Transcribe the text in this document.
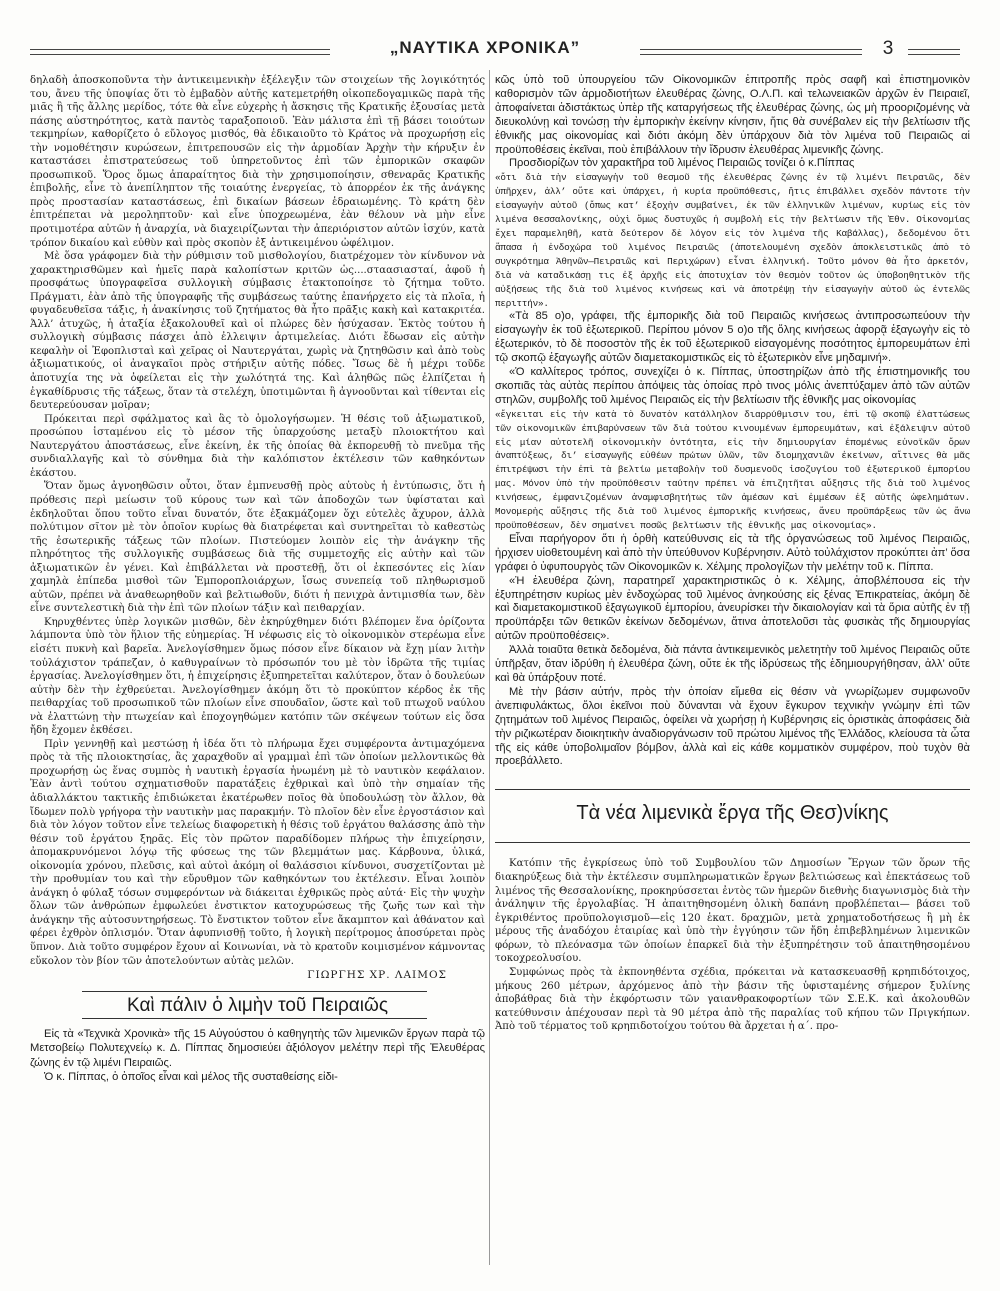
„ΝΑΥΤΙΚΑ ΧΡΟΝΙΚΑ”	3

δηλαδὴ ἀποσκοποῦντα τὴν ἀντικειμενικὴν ἐξέλεγξιν τῶν στοιχείων τῆς λογικότητός του, ἄνευ τῆς ὑποψίας ὅτι τὸ ἐμβαδὸν αὐτῆς κατεμετρήθη οἰκοπεδογαμικῶς παρὰ τῆς μιᾶς ἢ τῆς ἄλλης μερίδος, τότε θὰ εἶνε εὐχερὴς ἡ ἄσκησις τῆς Κρατικῆς ἐξουσίας μετὰ πάσης αὐστηρότητος, κατὰ παντὸς ταραξοποιοῦ. Ἐὰν μάλιστα ἐπὶ τῇ βάσει τοιούτων τεκμηρίων, καθορίζετο ὁ εὔλογος μισθός, θὰ ἐδικαιοῦτο τὸ Κράτος νὰ προχωρήσῃ εἰς τὴν νομοθέτησιν κυρώσεων, ἐπιτρεπουσῶν εἰς τὴν ἁρμοδίαν Ἀρχὴν τὴν κήρυξιν ἐν καταστάσει ἐπιστρατεύσεως τοῦ ὑπηρετοῦντος ἐπὶ τῶν ἐμπορικῶν σκαφῶν προσωπικοῦ. Ὅρος ὅμως ἀπαραίτητος διὰ τὴν χρησιμοποίησιν, σθεναρᾶς Κρατικῆς ἐπιβολῆς, εἶνε τὸ ἀνεπίληπτον τῆς τοιαύτης ἐνεργείας, τὸ ἀπορρέον ἐκ τῆς ἀνάγκης πρὸς προστασίαν καταστάσεως, ἐπὶ δικαίων βάσεων ἑδραιωμένης. Τὸ κράτη δὲν ἐπιτρέπεται νὰ μεροληπτοῦν· καὶ εἶνε ὑποχρεωμένα, ἐὰν θέλουν νὰ μὴν εἶνε προτιμοτέρα αὐτῶν ἡ ἀναρχία, νὰ διαχειρίζωνται τὴν ἀπεριόριστον αὐτῶν ἰσχύν, κατὰ τρόπον δικαίου καὶ εὐθὺν καὶ πρὸς σκοπὸν ἐξ ἀντικειμένου ὠφέλιμον.

Μὲ ὅσα γράφομεν διὰ τὴν ρύθμισιν τοῦ μισθολογίου, διατρέχομεν τὸν κίνδυνον νὰ χαρακτηρισθῶμεν καὶ ἡμεῖς παρὰ καλοπίστων κριτῶν ὡς....σταασιασταί, ἀφοῦ ἡ προσφάτως ὑπογραφεῖσα συλλογικὴ σύμβασις ἐτακτοποίησε τὸ ζήτημα τοῦτο. Πράγματι, ἐὰν ἀπὸ τῆς ὑπογραφῆς τῆς συμβάσεως ταύτης ἐπανήρχετο εἰς τὰ πλοῖα, ἡ φυγαδευθεῖσα τάξις, ἡ ἀνακίνησις τοῦ ζητήματος θὰ ἦτο πρᾶξις κακὴ καὶ κατακριτέα. Ἀλλ’ ἀτυχῶς, ἡ ἀταξία ἐξακολουθεῖ καὶ οἱ πλώρες δὲν ἡσύχασαν. Ἐκτὸς τούτου ἡ συλλογικὴ σύμβασις πάσχει ἀπὸ ἐλλειψιν ἀρτιμελείας. Διότι ἔδωσαν εἰς αὐτὴν κεφαλὴν οἱ Ἐφοπλισταὶ καὶ χεῖρας οἱ Ναυτεργάται, χωρὶς νὰ ζητηθῶσιν καὶ ἀπὸ τοὺς ἀξιωματικούς, οἱ ἀναγκαῖοι πρὸς στήριξιν αὐτῆς πόδες. Ἴσως δὲ ἡ μέχρι τοῦδε ἀποτυχία της νὰ ὀφείλεται εἰς τὴν χωλότητά της. Καὶ ἀληθῶς πῶς ἐλπίζεται ἡ ἐγκαθίδρυσις τῆς τάξεως, ὅταν τὰ στελέχη, ὑποτιμῶνται ἢ ἀγνοοῦνται καὶ τίθενται εἰς δευτερεύουσαν μοῖραν;

Πρόκειται περὶ σφάλματος καὶ ἃς τὸ ὁμολογήσωμεν. Ἡ θέσις τοῦ ἀξιωματικοῦ, προσώπου ἱσταμένου εἰς τὸ μέσον τῆς ὑπαρχούσης μεταξὺ πλοιοκτήτου καὶ Ναυτεργάτου ἀποστάσεως, εἶνε ἐκείνη, ἐκ τῆς ὁποίας θὰ ἐκπορευθῇ τὸ πνεῦμα τῆς συνδιαλλαγῆς καὶ τὸ σύνθημα διὰ τὴν καλόπιστον ἐκτέλεσιν τῶν καθηκόντων ἑκάστου.

Ὅταν ὅμως ἀγνοηθῶσιν οὗτοι, ὅταν ἐμπνευσθῇ πρὸς αὐτοὺς ἡ ἐντύπωσις, ὅτι ἡ πρόθεσις περὶ μείωσιν τοῦ κύρους των καὶ τῶν ἀποδοχῶν των ὑφίσταται καὶ ἐκδηλοῦται ὅπου τοῦτο εἶναι δυνατόν, ὅτε ἐξακμάζομεν ὅχι εὐτελὲς ἄχυρον, ἀλλὰ πολύτιμον σῖτον μὲ τὸν ὁποῖον κυρίως θὰ διατρέφεται καὶ συντηρεῖται τὸ καθεστὼς τῆς ἐσωτερικῆς τάξεως τῶν πλοίων. Πιστεύομεν λοιπὸν εἰς τὴν ἀνάγκην τῆς πληρότητος τῆς συλλογικῆς συμβάσεως διὰ τῆς συμμετοχῆς εἰς αὐτὴν καὶ τῶν ἀξιωματικῶν ἐν γένει. Καὶ ἐπιβάλλεται νὰ προστεθῇ, ὅτι οἱ ἐκπεσόντες εἰς λίαν χαμηλὰ ἐπίπεδα μισθοὶ τῶν Ἐμπορoπλοιάρχων, ἴσως συνεπείᾳ τοῦ πληθωρισμοῦ αὐτῶν, πρέπει νὰ ἀναθεωρηθοῦν καὶ βελτιωθοῦν, διότι ἡ πενιχρὰ ἀντιμισθία των, δὲν εἶνε συντελεστικὴ διὰ τὴν ἐπὶ τῶν πλοίων τάξιν καὶ πειθαρχίαν.

Κηρυχθέντες ὑπὲρ λογικῶν μισθῶν, δὲν ἐκηρύχθημεν διότι βλέπομεν ἕνα ὁρίζοντα λάμποντα ὑπὸ τὸν ἥλιον τῆς εὐημερίας. Ἡ νέφωσις εἰς τὸ οἰκονομικὸν στερέωμα εἶνε εἰσέτι πυκνὴ καὶ βαρεῖα. Ἀνελογίσθημεν ὅμως πόσον εἶνε δίκαιον νὰ ἔχῃ μίαν λιτὴν τοὐλάχιστον τράπεζαν, ὁ καθυγραίνων τὸ πρόσωπόν του μὲ τὸν ἱδρῶτα τῆς τιμίας ἐργασίας. Ἀνελογίσθημεν ὅτι, ἡ ἐπιχείρησις ἐξυπηρετεῖται καλύτερον, ὅταν ὁ δουλεύων αὐτὴν δὲν τὴν ἐχθρεύεται. Ἀνελογίσθημεν ἀκόμη ὅτι τὸ προκύπτον κέρδος ἐκ τῆς πειθαρχίας τοῦ προσωπικοῦ τῶν πλοίων εἶνε σπουδαῖον, ὥστε καὶ τοῦ πτωχοῦ ναύλου νὰ ἐλαττώνῃ τὴν πτωχείαν καὶ ἐποχογηθώμεν κατόπιν τῶν σκέψεων τούτων εἰς ὅσα ἤδη ἔχομεν ἐκθέσει.

Πρὶν γεννηθῇ καὶ μεστώσῃ ἡ ἰδέα ὅτι τὸ πλήρωμα ἔχει συμφέροντα ἀντιμαχόμενα πρὸς τὰ τῆς πλοιοκτησίας, ἂς χαραχθοῦν αἱ γραμμαὶ ἐπὶ τῶν ὁποίων μελλοντικῶς θὰ προχωρήσῃ ὡς ἕνας συμπὸς ἡ ναυτικὴ ἐργασία ἡνωμένη μὲ τὸ ναυτικὸν κεφάλαιον. Ἐὰν ἀντὶ τούτου σχηματισθοῦν παρατάξεις ἐχθρικαὶ καὶ ὑπὸ τὴν σημαίαν τῆς ἀδιαλλάκτου τακτικῆς ἐπιδιώκεται ἑκατέρωθεν ποῖος θὰ ὑποδουλώσῃ τὸν ἄλλον, θὰ ἴδωμεν πολὺ γρήγορα τὴν ναυτικὴν μας παρακμήν. Τὸ πλοῖον δὲν εἶνε ἐργοστάσιον καὶ διὰ τὸν λόγον τοῦτον εἶνε τελείως διαφορετικὴ ἡ θέσις τοῦ ἐργάτου θαλάσσης ἀπὸ τὴν θέσιν τοῦ ἐργάτου ξηρᾶς. Εἰς τὸν πρῶτον παραδίδομεν πλήρως τὴν ἐπιχείρησιν, ἀπομακρυνόμενοι λόγῳ τῆς φύσεως της τῶν βλεμμάτων μας. Κάρβουνα, ὑλικά, οἰκονομία χρόνου, πλεῦσις, καὶ αὐτοὶ ἀκόμη οἱ θαλάσσιοι κίνδυνοι, συσχετίζονται μὲ τὴν προθυμίαν του καὶ τὴν εὔρυθμον τῶν καθηκόντων του ἐκτέλεσιν. Εἶναι λοιπὸν ἀνάγκη ὁ φύλαξ τόσων συμφερόντων νὰ διάκειται ἐχθρικῶς πρὸς αὐτά· Εἰς τὴν ψυχὴν ὅλων τῶν ἀνθρώπων ἐμφωλεύει ἐνστικτον κατοχυρώσεως τῆς ζωῆς των καὶ τὴν ἀνάγκην τῆς αὐτοσυντηρήσεως. Τὸ ἔνστικτον τοῦτον εἶνε ἄκαμπτον καὶ ἀθάνατον καὶ φέρει ἐχθρὸν ὁπλισμόν. Ὅταν ἀφυπνισθῇ τοῦτο, ἡ λογικὴ περίτρομος ἀποσύρεται πρὸς ὕπνον. Διὰ τοῦτο συμφέρον ἔχουν αἱ Κοινωνίαι, νὰ τὸ κρατοῦν κοιμισμένον κάμνοντας εὔκολον τὸν βίον τῶν ἀποτελούντων αὐτὰς μελῶν.

ΓΙΩΡΓΗΣ ΧΡ. ΛΑΙΜΟΣ

Καὶ πάλιν ὁ λιμὴν τοῦ Πειραιῶς

Εἰς τὰ «Τεχνικὰ Χρονικὰ» τῆς 15 Αὐγούστου ὁ καθηγητὴς τῶν λιμενικῶν ἔργων παρὰ τῷ Μετσοβείῳ Πολυτεχνείῳ κ. Δ. Πίππας δημοσιεύει ἀξιόλογον μελέτην περὶ τῆς Ἐλευθέρας ζώνης ἐν τῷ λιμένι Πειραιῶς.

Ὁ κ. Πίππας, ὁ ὁποῖος εἶναι καὶ μέλος τῆς συσταθείσης εἰδι-

κῶς ὑπὸ τοῦ ὑπουργείου τῶν Οἰκονομικῶν ἐπιτροπῆς πρὸς σαφῆ καὶ ἐπιστημονικὸν καθορισμὸν τῶν ἁρμοδιοτήτων ἐλευθέρας ζώνης, Ο.Λ.Π. καὶ τελωνειακῶν ἀρχῶν ἐν Πειραιεῖ, ἀποφαίνεται ἀδιστάκτως ὑπὲρ τῆς καταργήσεως τῆς ἐλευθέρας ζώνης, ὡς μὴ προοριζομένης νὰ διευκολύνῃ καὶ τονώσῃ τὴν ἐμπορικὴν ἐκείνην κίνησιν, ἥτις θὰ συνέβαλεν εἰς τὴν βελτίωσιν τῆς ἐθνικῆς μας οἰκονομίας καὶ διότι ἀκόμη δὲν ὑπάρχουν διὰ τὸν λιμένα τοῦ Πειραιῶς αἱ προϋποθέσεις ἐκεῖναι, ποὺ ἐπιβάλλουν τὴν ἵδρυσιν ἐλευθέρας λιμενικῆς ζώνης.

Προσδιορίζων τὸν χαρακτῆρα τοῦ λιμένος Πειραιῶς τονίζει ὁ κ.Πίππας

«ὅτι διὰ τὴν εἰσαγωγὴν τοῦ θεσμοῦ τῆς ἐλευθέρας ζώνης ἐν τῷ λιμένι Πειραιῶς, δὲν ὑπῆρχεν, ἀλλ’ οὔτε καὶ ὑπάρχει, ἡ κυρία προϋπόθεσις, ἥτις ἐπιβάλλει σχεδὸν πάντοτε τὴν εἰσαγωγὴν αὐτοῦ (ὅπως κατ’ ἐξοχὴν συμβαίνει, ἐκ τῶν ἑλληνικῶν λιμένων, κυρίως εἰς τὸν λιμένα Θεσσαλονίκης, οὐχὶ ὅμως δυστυχῶς ἡ συμβολὴ εἰς τὴν βελτίωσιν τῆς Ἐθν. Οἰκονομίας ἔχει παραμεληθῆ, κατὰ δεύτερον δὲ λόγον εἰς τὸν λιμένα τῆς Καβάλλας), δεδομένου ὅτι ἅπασα ἡ ἐνδοχώρα τοῦ λιμένος Πειραιῶς (ἀποτελουμένη σχεδὸν ἀποκλειστικῶς ἀπὸ τὸ συγκρότημα Ἀθηνῶν—Πειραιῶς καὶ Περιχώρων) εἶναι ἑλληνική. Τοῦτο μόνον θὰ ἦτο ἀρκετόν, διὰ νὰ καταδικάσῃ τις ἐξ ἀρχῆς εἰς ἀποτυχίαν τὸν θεσμὸν τοῦτον ὡς ὑποβοηθητικὸν τῆς αὐξήσεως τῆς διὰ τοῦ λιμένος κινήσεως καὶ νὰ ἀποτρέψῃ τὴν εἰσαγωγὴν αὐτοῦ ὡς ἐντελῶς περιττήν».

«Τὰ 85 ο)ο, γράφει, τῆς ἐμπορικῆς διὰ τοῦ Πειραιῶς κινήσεως ἀντιπροσωπεύουν τὴν εἰσαγωγὴν ἐκ τοῦ ἐξωτερικοῦ. Περίπου μόνον 5 ο)ο τῆς ὅλης κινήσεως ἀφορᾷ ἐξαγωγὴν εἰς τὸ ἐξωτερικόν, τὸ δὲ ποσοστὸν τῆς ἐκ τοῦ ἐξωτερικοῦ εἰσαγομένης ποσότητος ἐμπορευμάτων ἐπὶ τῷ σκοπῷ ἐξαγωγῆς αὐτῶν διαμετακομιστικῶς εἰς τὸ ἐξωτερικὸν εἶνε μηδαμινή».

«Ὁ καλλίτερος τρόπος, συνεχίζει ὁ κ. Πίππας, ὑποστηρίζων ἀπὸ τῆς ἐπιστημονικῆς του σκοπιᾶς τὰς αὐτὰς περίπου ἀπόψεις τὰς ὁποίας πρὸ τινος μόλις ἀνεπτύξαμεν ἀπὸ τῶν αὐτῶν στηλῶν, συμβολῆς τοῦ λιμένος Πειραιῶς εἰς τὴν βελτίωσιν τῆς ἐθνικῆς μας οἰκονομίας

«ἔγκειται εἰς τὴν κατὰ τὸ δυνατὸν κατάλληλον διαρρύθμισιν του, ἐπὶ τῷ σκοπῷ ἐλαττώσεως τῶν οἰκονομικῶν ἐπιβαρύνσεων τῶν διὰ τούτου κινουμένων ἐμπορευμάτων, καὶ ἐξάλειψιν αὐτοῦ εἰς μίαν αὐτοτελῆ οἰκονομικὴν ὀντότητα, εἰς τὴν δημιουργίαν ἐπομένως εὐνοϊκῶν ὅρων ἀναπτύξεως, δι’ εἰσαγωγῆς εὐθέων πρώτων ὑλῶν, τῶν διομηχανιῶν ἐκείνων, αἵτινες θὰ μᾶς ἐπιτρέψωσι τὴν ἐπὶ τὰ βελτίω μεταβολὴν τοῦ δυσμενοῦς ἰσοζυγίου τοῦ ἐξωτερικοῦ ἐμπορίου μας. Μόνον ὑπὸ τὴν προϋπόθεσιν ταύτην πρέπει νὰ ἐπιζητῆται αὔξησις τῆς διὰ τοῦ λιμένος κινήσεως, ἐμφανιζομένων ἀναμφισβητήτως τῶν ἀμέσων καὶ ἐμμέσων ἐξ αὐτῆς ὠφελημάτων. Μονομερὴς αὔξησις τῆς διὰ τοῦ λιμένος ἐμπορικῆς κινήσεως, ἄνευ προϋπάρξεως τῶν ὡς ἄνω προϋποθέσεων, δὲν σημαίνει ποσῶς βελτίωσιν τῆς ἐθνικῆς μας οἰκονομίας».

Εἶναι παρήγορον ὅτι ἡ ὀρθὴ κατεύθυνσις εἰς τὰ τῆς ὀργανώσεως τοῦ λιμένος Πειραιῶς, ἠρχισεν υἱοθετουμένη καὶ ἀπὸ τὴν ὑπεύθυνον Κυβέρνησιν. Αὐτὸ τοὐλάχιστον προκύπτει ἀπ’ ὅσα γράφει ὁ ὑφυπουργὸς τῶν Οἰκονομικῶν κ. Χέλμης προλογίζων τὴν μελέτην τοῦ κ. Πίππα.

«Ἡ ἐλευθέρα ζώνη, παρατηρεῖ χαρακτηριστικῶς ὁ κ. Χέλμης, ἀποβλέπουσα εἰς τὴν ἐξυπηρέτησιν κυρίως μὲν ἐνδοχώρας τοῦ λιμένος ἀνηκούσης εἰς ξένας Ἐπικρατείας, ἀκόμη δὲ καὶ διαμετακομιστικοῦ ἐξαγωγικοῦ ἐμπορίου, ἀνευρίσκει τὴν δικαιολογίαν καὶ τὰ ὅρια αὐτῆς ἐν τῇ προϋπάρξει τῶν θετικῶν ἐκείνων δεδομένων, ἅτινα ἀποτελοῦσι τὰς φυσικὰς τῆς δημιουργίας αὐτῶν προϋποθέσεις».

Ἀλλὰ τοιαῦτα θετικὰ δεδομένα, διὰ πάντα ἀντικειμενικὸς μελετητὴν τοῦ λιμένος Πειραιῶς οὔτε ὑπῆρξαν, ὅταν ἱδρύθη ἡ ἐλευθέρα ζώνη, οὔτε ἐκ τῆς ἱδρύσεως τῆς ἐδημιουργήθησαν, ἀλλ’ οὔτε καὶ θὰ ὑπάρξουν ποτέ.

Μὲ τὴν βάσιν αὐτήν, πρὸς τὴν ὁποίαν εἴμεθα εἰς θέσιν νὰ γνωρίζωμεν συμφωνοῦν ἀνεπιφυλάκτως, ὅλοι ἐκεῖνοι ποὺ δύνανται νὰ ἔχουν ἔγκυρον τεχνικὴν γνώμην ἐπὶ τῶν ζητημάτων τοῦ λιμένος Πειραιῶς, ὀφείλει νὰ χωρήσῃ ἡ Κυβέρνησις εἰς ὁριστικὰς ἀποφάσεις διὰ τὴν ριζικωτέραν διοικητικὴν ἀναδιοργάνωσιν τοῦ πρώτου λιμένος τῆς Ἑλλάδος, κλείουσα τὰ ὦτα τῆς εἰς κάθε ὑποβολιμαῖον βόμβον, ἀλλὰ καὶ εἰς κάθε κομματικὸν συμφέρον, ποὺ τυχὸν θὰ προεβάλλετο.

Τὰ νέα λιμενικὰ ἔργα τῆς Θεσ)νίκης

Κατόπιν τῆς ἐγκρίσεως ὑπὸ τοῦ Συμβουλίου τῶν Δημοσίων Ἔργων τῶν ὅρων τῆς διακηρύξεως διὰ τὴν ἐκτέλεσιν συμπληρωματικῶν ἔργων βελτιώσεως καὶ ἐπεκτάσεως τοῦ λιμένος τῆς Θεσσαλονίκης, προκηρύσσεται ἐντὸς τῶν ἡμερῶν διεθνὴς διαγωνισμὸς διὰ τὴν ἀνάληψιν τῆς ἐργολαβίας. Ἡ ἀπαιτηθησομένη ὁλικὴ δαπάνη προβλέπεται— βάσει τοῦ ἐγκριθέντος προϋπολογισμοῦ—εἰς 120 ἑκατ. δραχμῶν, μετὰ χρηματοδοτήσεως ἢ μὴ ἐκ μέρους τῆς ἀναδόχου ἑταιρίας καὶ ὑπὸ τὴν ἐγγύησιν τῶν ἤδη ἐπιβεβλημένων λιμενικῶν φόρων, τὸ πλεόνασμα τῶν ὁποίων ἐπαρκεῖ διὰ τὴν ἐξυπηρέτησιν τοῦ ἀπαιτηθησομένου τοκοχρεολυσίου.

Συμφώνως πρὸς τὰ ἐκπονηθέντα σχέδια, πρόκειται νὰ κατασκευασθῇ κρηπιδότοιχος, μήκους 260 μέτρων, ἀρχόμενος ἀπὸ τὴν βάσιν τῆς ὑφισταμένης σήμερον ξυλίνης ἀποβάθρας διὰ τὴν ἐκφόρτωσιν τῶν γαιανθρακοφορτίων τῶν Σ.Ε.Κ. καὶ ἀκολουθῶν κατεύθυνσιν ἀπέχουσαν περὶ τὰ 90 μέτρα ἀπὸ τῆς παραλίας τοῦ κήπου τῶν Πριγκήπων. Ἀπὸ τοῦ τέρματος τοῦ κρηπιδοτοίχου τούτου θὰ ἄρχεται ἡ α΄. προ-
